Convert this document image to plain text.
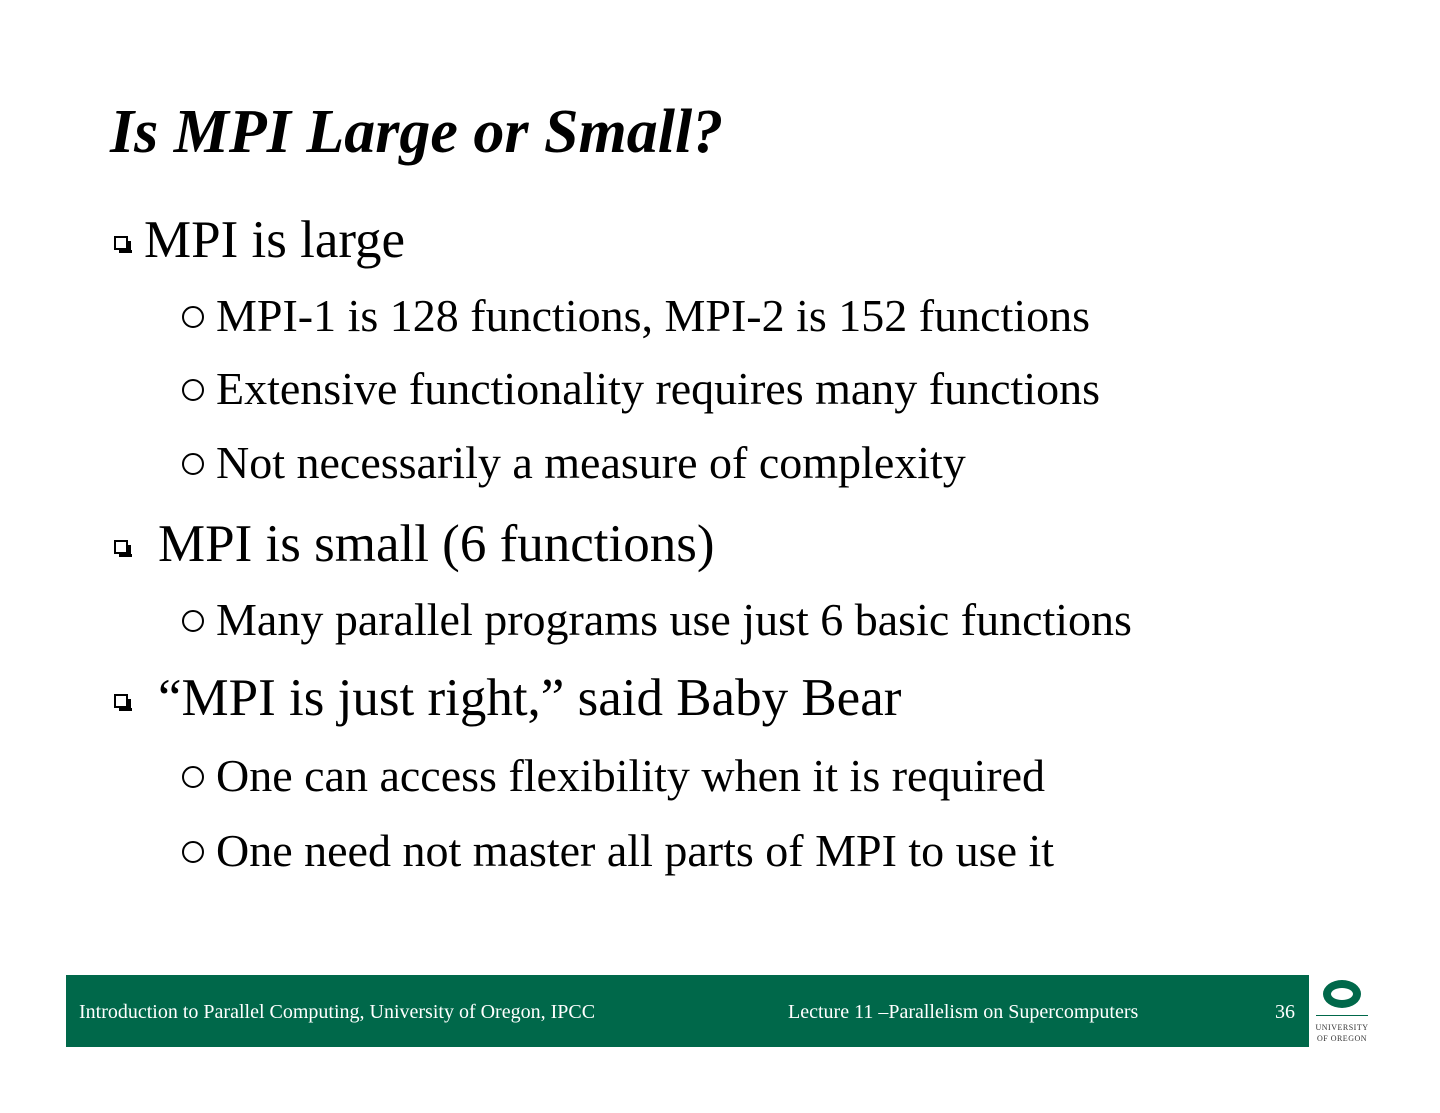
Is MPI Large or Small?
MPI is large
MPI-1 is 128 functions, MPI-2 is 152 functions
Extensive functionality requires many functions
Not necessarily a measure of complexity
MPI is small (6 functions)
Many parallel programs use just 6 basic functions
“MPI is just right,” said Baby Bear
One can access flexibility when it is required
One need not master all parts of MPI to use it
Introduction to Parallel Computing, University of Oregon, IPCC	Lecture 11 –Parallelism on Supercomputers	36
UNIVERSITY
OF OREGON
